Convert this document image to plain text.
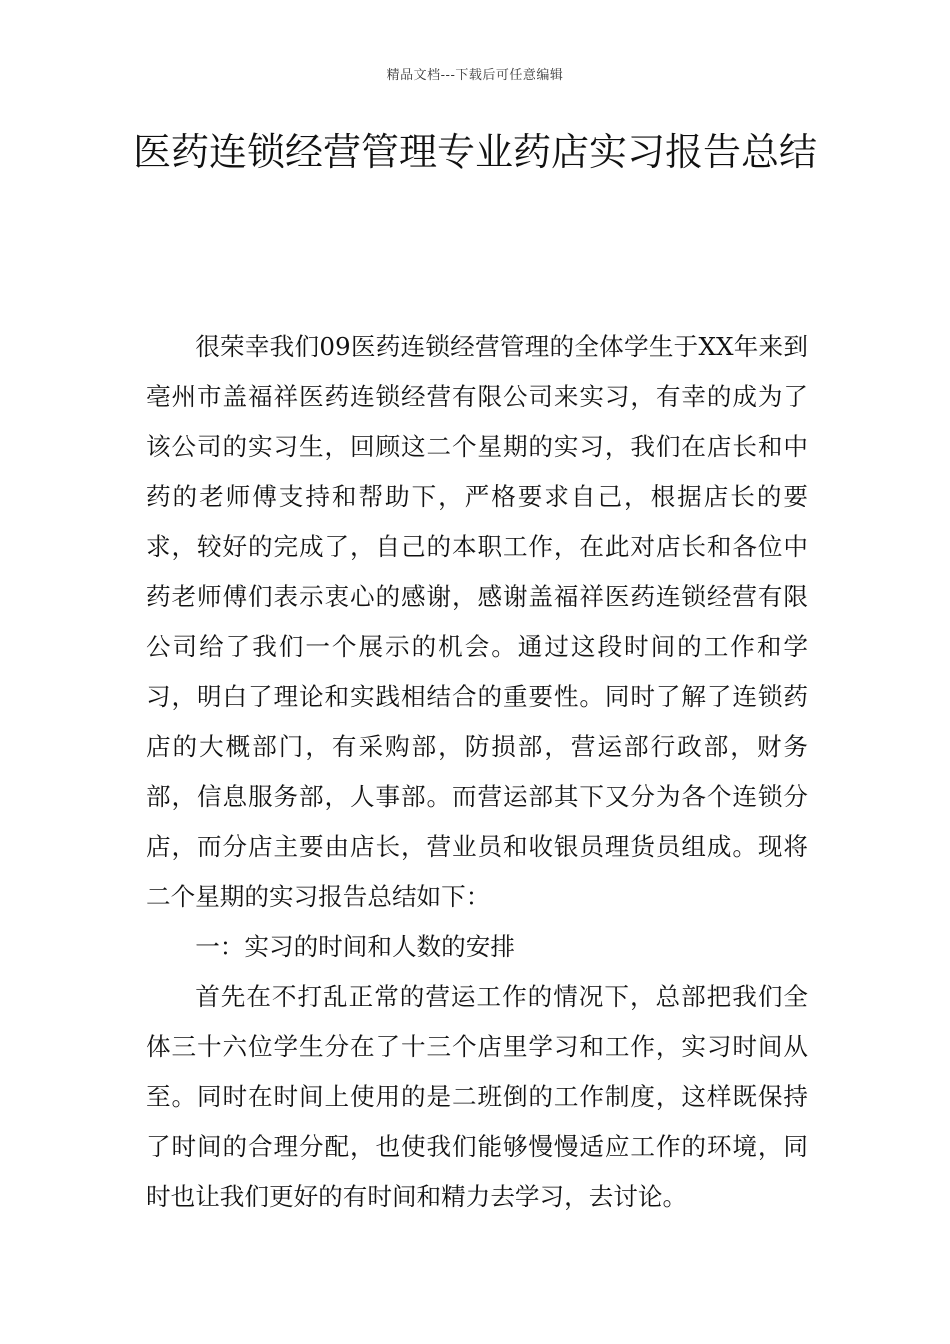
精品文档---下载后可任意编辑
医药连锁经营管理专业药店实习报告总结

很荣幸我们09医药连锁经营管理的全体学生于XX年来到亳州市盖福祥医药连锁经营有限公司来实习，有幸的成为了该公司的实习生，回顾这二个星期的实习，我们在店长和中药的老师傅支持和帮助下，严格要求自己，根据店长的要求，较好的完成了，自己的本职工作，在此对店长和各位中药老师傅们表示衷心的感谢，感谢盖福祥医药连锁经营有限公司给了我们一个展示的机会。通过这段时间的工作和学习，明白了理论和实践相结合的重要性。同时了解了连锁药店的大概部门，有采购部，防损部，营运部行政部，财务部，信息服务部，人事部。而营运部其下又分为各个连锁分店，而分店主要由店长，营业员和收银员理货员组成。现将二个星期的实习报告总结如下：

一：实习的时间和人数的安排

首先在不打乱正常的营运工作的情况下，总部把我们全体三十六位学生分在了十三个店里学习和工作，实习时间从至。同时在时间上使用的是二班倒的工作制度，这样既保持了时间的合理分配，也使我们能够慢慢适应工作的环境，同时也让我们更好的有时间和精力去学习，去讨论。
